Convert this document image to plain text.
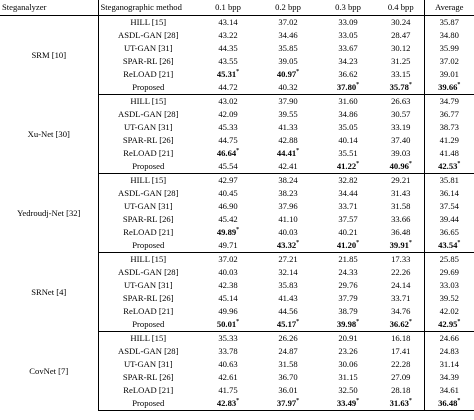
Steganalyzer	Steganographic method	0.1 bpp	0.2 bpp	0.3 bpp	0.4 bpp	Average
SRM [10]	HILL [15]	43.14	37.02	33.09	30.24	35.87
	ASDL-GAN [28]	43.22	34.46	33.05	28.47	34.80
	UT-GAN [31]	44.35	35.85	33.67	30.12	35.99
	SPAR-RL [26]	43.55	39.05	34.23	31.25	37.02
	ReLOAD [21]	45.31*	40.97*	36.62	33.15	39.01
	Proposed	44.72	40.32	37.80*	35.78*	39.66*
Xu-Net [30]	HILL [15]	43.02	37.90	31.60	26.63	34.79
	ASDL-GAN [28]	42.09	39.55	34.86	30.57	36.77
	UT-GAN [31]	45.33	41.33	35.05	33.19	38.73
	SPAR-RL [26]	44.75	42.88	40.14	37.40	41.29
	ReLOAD [21]	46.64*	44.41*	35.51	39.03	41.48
	Proposed	45.54	42.41	41.22*	40.96*	42.53*
Yedroudj-Net [32]	HILL [15]	42.97	38.24	32.82	29.21	35.81
	ASDL-GAN [28]	40.45	38.23	34.44	31.43	36.14
	UT-GAN [31]	46.90	37.96	33.71	31.58	37.54
	SPAR-RL [26]	45.42	41.10	37.57	33.66	39.44
	ReLOAD [21]	49.89*	40.03	40.21	36.48	36.65
	Proposed	49.71	43.32*	41.20*	39.91*	43.54*
SRNet [4]	HILL [15]	37.02	27.21	21.85	17.33	25.85
	ASDL-GAN [28]	40.03	32.14	24.33	22.26	29.69
	UT-GAN [31]	42.38	35.83	29.76	24.14	33.03
	SPAR-RL [26]	45.14	41.43	37.79	33.71	39.52
	ReLOAD [21]	49.96	44.56	38.79	34.76	42.02
	Proposed	50.01*	45.17*	39.98*	36.62*	42.95*
CovNet [7]	HILL [15]	35.33	26.26	20.91	16.18	24.66
	ASDL-GAN [28]	33.78	24.87	23.26	17.41	24.83
	UT-GAN [31]	40.63	31.58	30.06	22.28	31.14
	SPAR-RL [26]	42.61	36.70	31.15	27.09	34.39
	ReLOAD [21]	41.75	36.01	32.50	28.18	34.61
	Proposed	42.83*	37.97*	33.49*	31.63*	36.48*
